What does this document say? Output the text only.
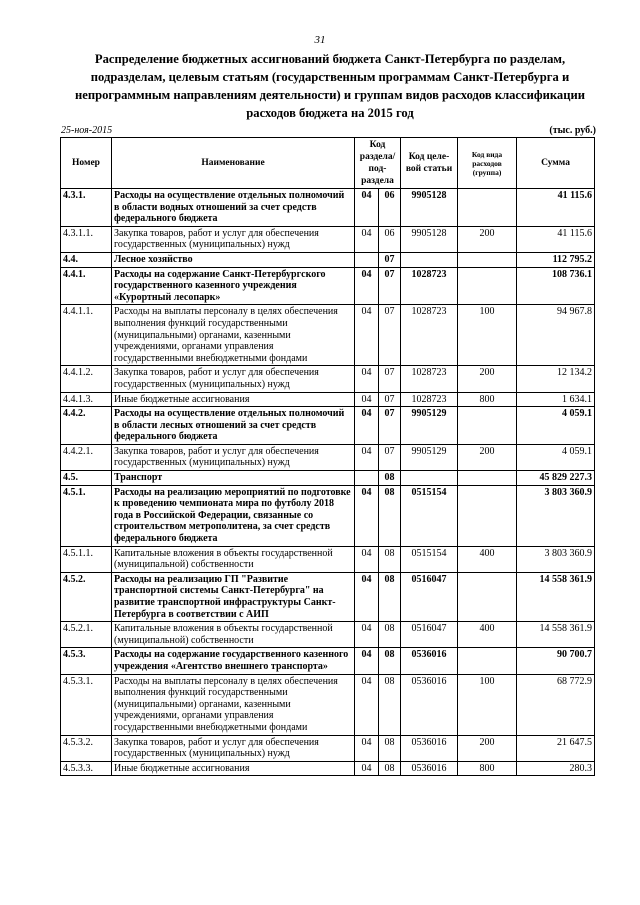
31
Распределение бюджетных ассигнований бюджета Санкт-Петербурга по разделам, подразделам, целевым статьям (государственным программам Санкт-Петербурга и непрограммным направлениям деятельности) и группам видов расходов классификации расходов бюджета на 2015 год
25-ноя-2015	(тыс. руб.)
Номер	Наименование	Код раздела/ под- раздела		Код целе- вой статьи	Код вида расходов (группа)	Сумма
4.3.1.	Расходы на осуществление отдельных полномочий в области водных отношений за счет средств федерального бюджета	04	06	9905128		41 115.6
4.3.1.1.	Закупка товаров, работ и услуг для обеспечения государственных (муниципальных) нужд	04	06	9905128	200	41 115.6
4.4.	Лесное хозяйство		07			112 795.2
4.4.1.	Расходы на содержание Санкт-Петербургского государственного казенного учреждения «Курортный лесопарк»	04	07	1028723		108 736.1
4.4.1.1.	Расходы на выплаты персоналу в целях обеспечения выполнения функций государственными (муниципальными) органами, казенными учреждениями, органами управления государственными внебюджетными фондами	04	07	1028723	100	94 967.8
4.4.1.2.	Закупка товаров, работ и услуг для обеспечения государственных (муниципальных) нужд	04	07	1028723	200	12 134.2
4.4.1.3.	Иные бюджетные ассигнования	04	07	1028723	800	1 634.1
4.4.2.	Расходы на осуществление отдельных полномочий в области лесных отношений за счет средств федерального бюджета	04	07	9905129		4 059.1
4.4.2.1.	Закупка товаров, работ и услуг для обеспечения государственных (муниципальных) нужд	04	07	9905129	200	4 059.1
4.5.	Транспорт		08			45 829 227.3
4.5.1.	Расходы на реализацию мероприятий по подготовке к проведению чемпионата мира по футболу 2018 года в Российской Федерации, связанные со строительством метрополитена, за счет средств федерального бюджета	04	08	0515154		3 803 360.9
4.5.1.1.	Капитальные вложения в объекты государственной (муниципальной) собственности	04	08	0515154	400	3 803 360.9
4.5.2.	Расходы на реализацию ГП "Развитие транспортной системы Санкт-Петербурга" на развитие транспортной инфраструктуры Санкт-Петербурга в соответствии с АИП	04	08	0516047		14 558 361.9
4.5.2.1.	Капитальные вложения в объекты государственной (муниципальной) собственности	04	08	0516047	400	14 558 361.9
4.5.3.	Расходы на содержание государственного казенного учреждения «Агентство внешнего транспорта»	04	08	0536016		90 700.7
4.5.3.1.	Расходы на выплаты персоналу в целях обеспечения выполнения функций государственными (муниципальными) органами, казенными учреждениями, органами управления государственными внебюджетными фондами	04	08	0536016	100	68 772.9
4.5.3.2.	Закупка товаров, работ и услуг для обеспечения государственных (муниципальных) нужд	04	08	0536016	200	21 647.5
4.5.3.3.	Иные бюджетные ассигнования	04	08	0536016	800	280.3
